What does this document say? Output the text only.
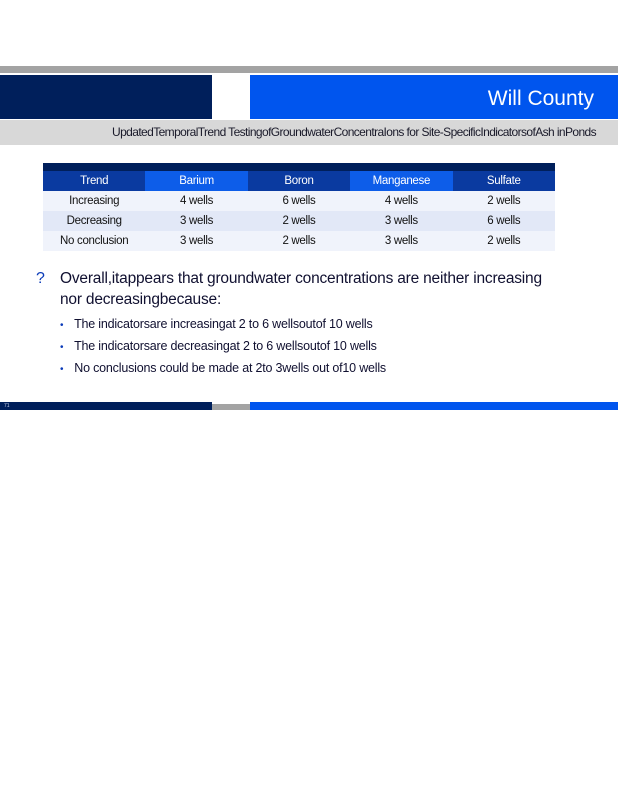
Will County
UpdatedTemporalTrend TestingofGroundwaterConcentraIons for Site-SpecificIndicatorsofAsh inPonds

Trend	Barium	Boron	Manganese	Sulfate
Increasing	4 wells	6 wells	4 wells	2 wells
Decreasing	3 wells	2 wells	3 wells	6 wells
No conclusion	3 wells	2 wells	3 wells	2 wells
? Overall,itappears that groundwater concentrations are neither increasing nor decreasingbecause:
• The indicatorsare increasingat 2 to 6 wellsoutof 10 wells
• The indicatorsare decreasingat 2 to 6 wellsoutof 10 wells
• No conclusions could be made at 2to 3wells out of10 wells
71
